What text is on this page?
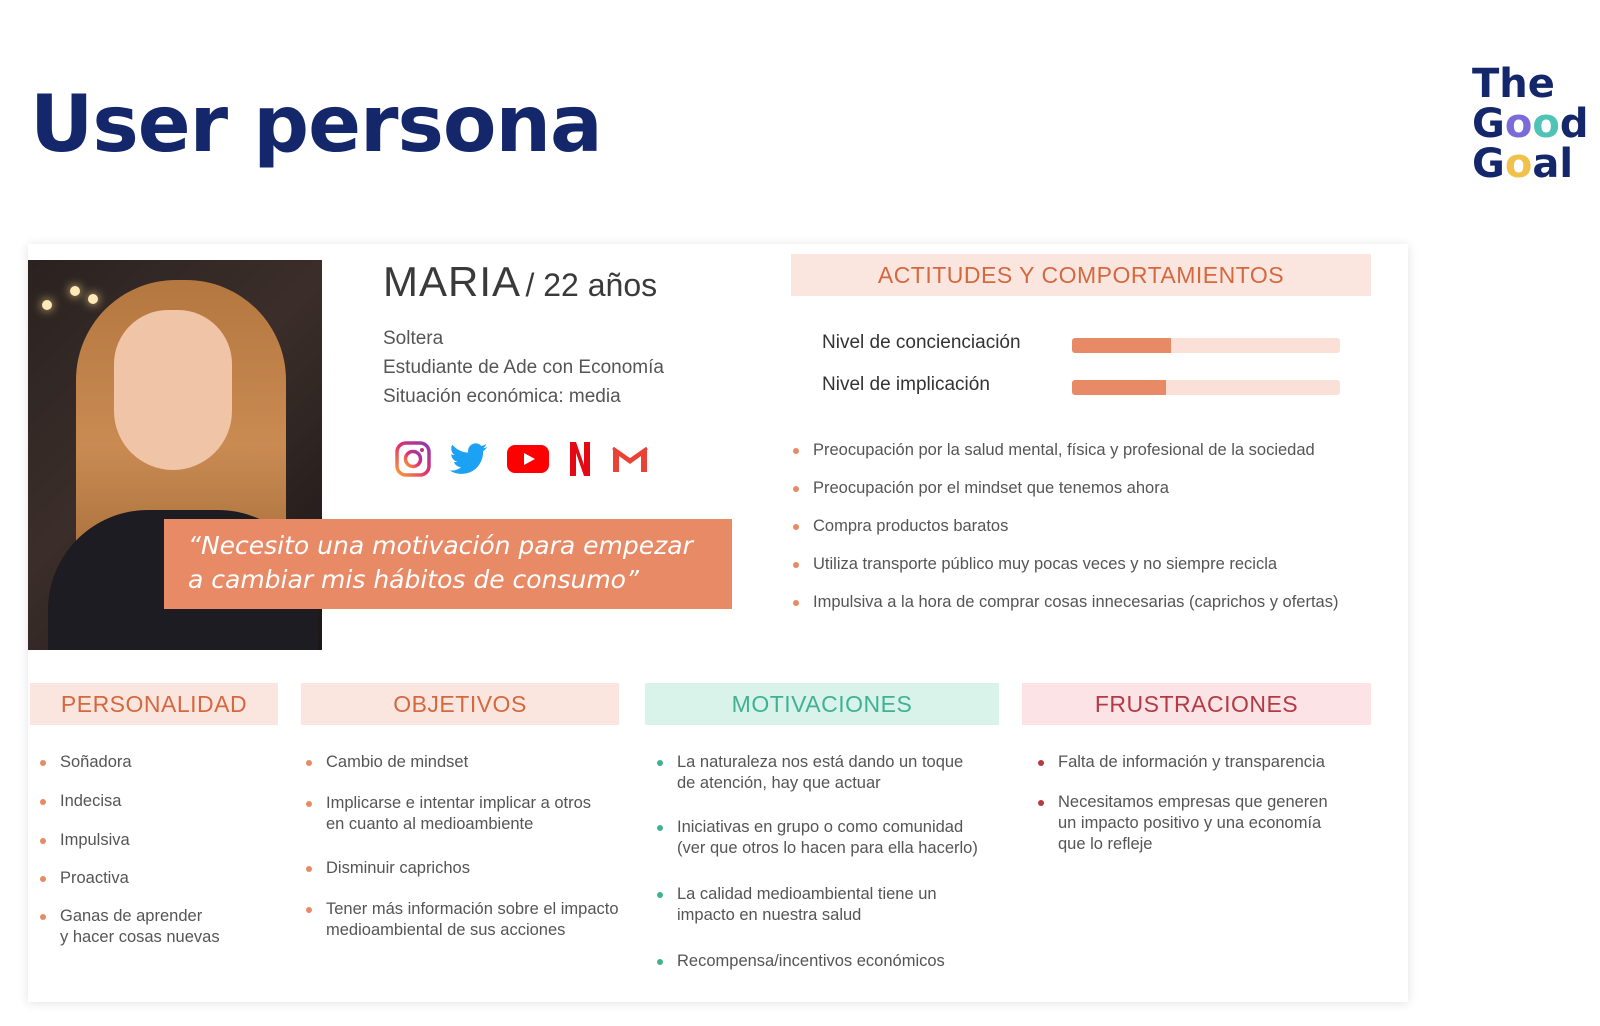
User persona	The
Good
Goal
MARIA / 22 años
Soltera
Estudiante de Ade con Economía
Situación económica: media
“Necesito una motivación para empezar
a cambiar mis hábitos de consumo”
ACTITUDES Y COMPORTAMIENTOS
Nivel de concienciación
Nivel de implicación
Preocupación por la salud mental, física y profesional de la sociedad
Preocupación por el mindset que tenemos ahora
Compra productos baratos
Utiliza transporte público muy pocas veces y no siempre recicla
Impulsiva a la hora de comprar cosas innecesarias (caprichos y ofertas)
PERSONALIDAD	OBJETIVOS	MOTIVACIONES	FRUSTRACIONES
Soñadora
Indecisa
Impulsiva
Proactiva
Ganas de aprender
y hacer cosas nuevas
Cambio de mindset
Implicarse e intentar implicar a otros
en cuanto al medioambiente
Disminuir caprichos
Tener más información sobre el impacto
medioambiental de sus acciones
La naturaleza nos está dando un toque
de atención, hay que actuar
Iniciativas en grupo o como comunidad
(ver que otros lo hacen para ella hacerlo)
La calidad medioambiental tiene un
impacto en nuestra salud
Recompensa/incentivos económicos
Falta de información y transparencia
Necesitamos empresas que generen
un impacto positivo y una economía
que lo refleje
